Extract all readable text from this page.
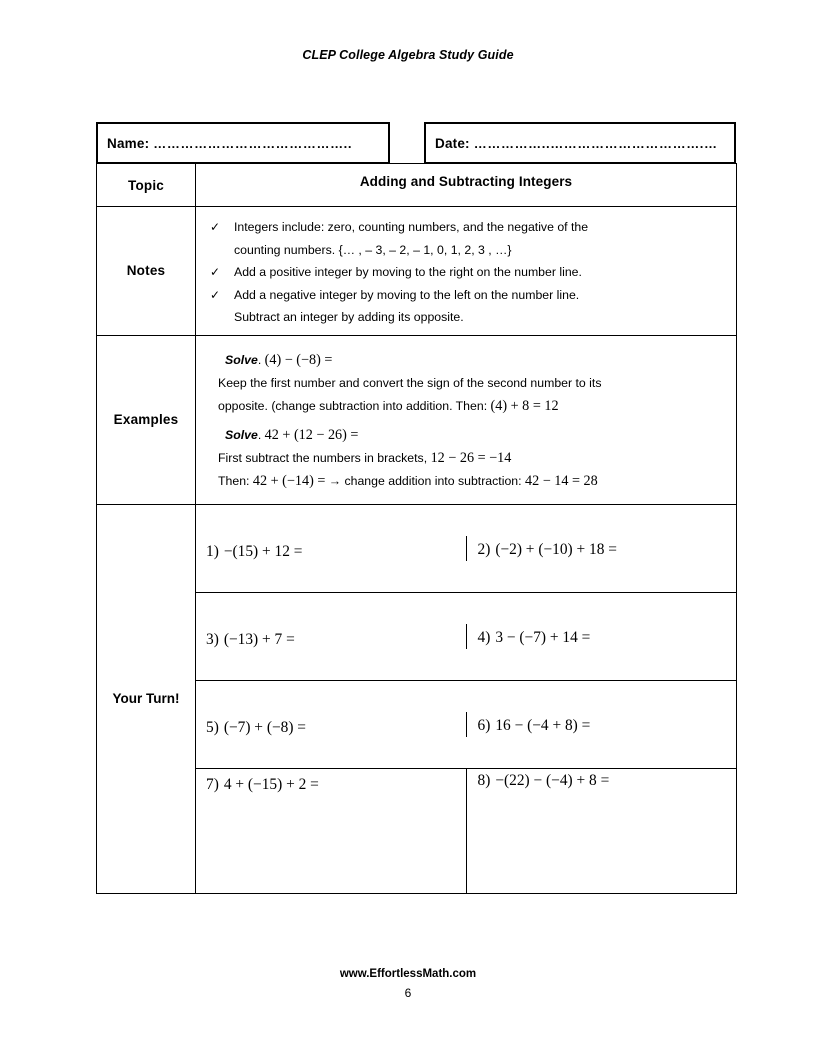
CLEP College Algebra Study Guide
Name: ……………………………………..	Date: ……………..…………………………….…
Topic	Adding and Subtracting Integers

Notes	
✓	Integers include: zero, counting numbers, and the negative of the
counting numbers. {… , – 3, – 2, – 1, 0, 1, 2, 3 , …}
✓	Add a positive integer by moving to the right on the number line.
✓	Add a negative integer by moving to the left on the number line.
Subtract an integer by adding its opposite.

Examples	
Solve. (4) − (−8) =
Keep the first number and convert the sign of the second number to its
opposite. (change subtraction into addition. Then: (4) + 8 = 12
Solve. 42 + (12 − 26) =
First subtract the numbers in brackets, 12 − 26 = −14
Then: 42 + (−14) = → change addition into subtraction: 42 − 14 = 28

Your Turn!	
1) −(15) + 12 =	2) (−2) + (−10) + 18 =

3) (−13) + 7 =	4) 3 − (−7) + 14 =

5) (−7) + (−8) =	6) 16 − (−4 + 8) =

7) 4 + (−15) + 2 =	8) −(22) − (−4) + 8 =
www.EffortlessMath.com
6
